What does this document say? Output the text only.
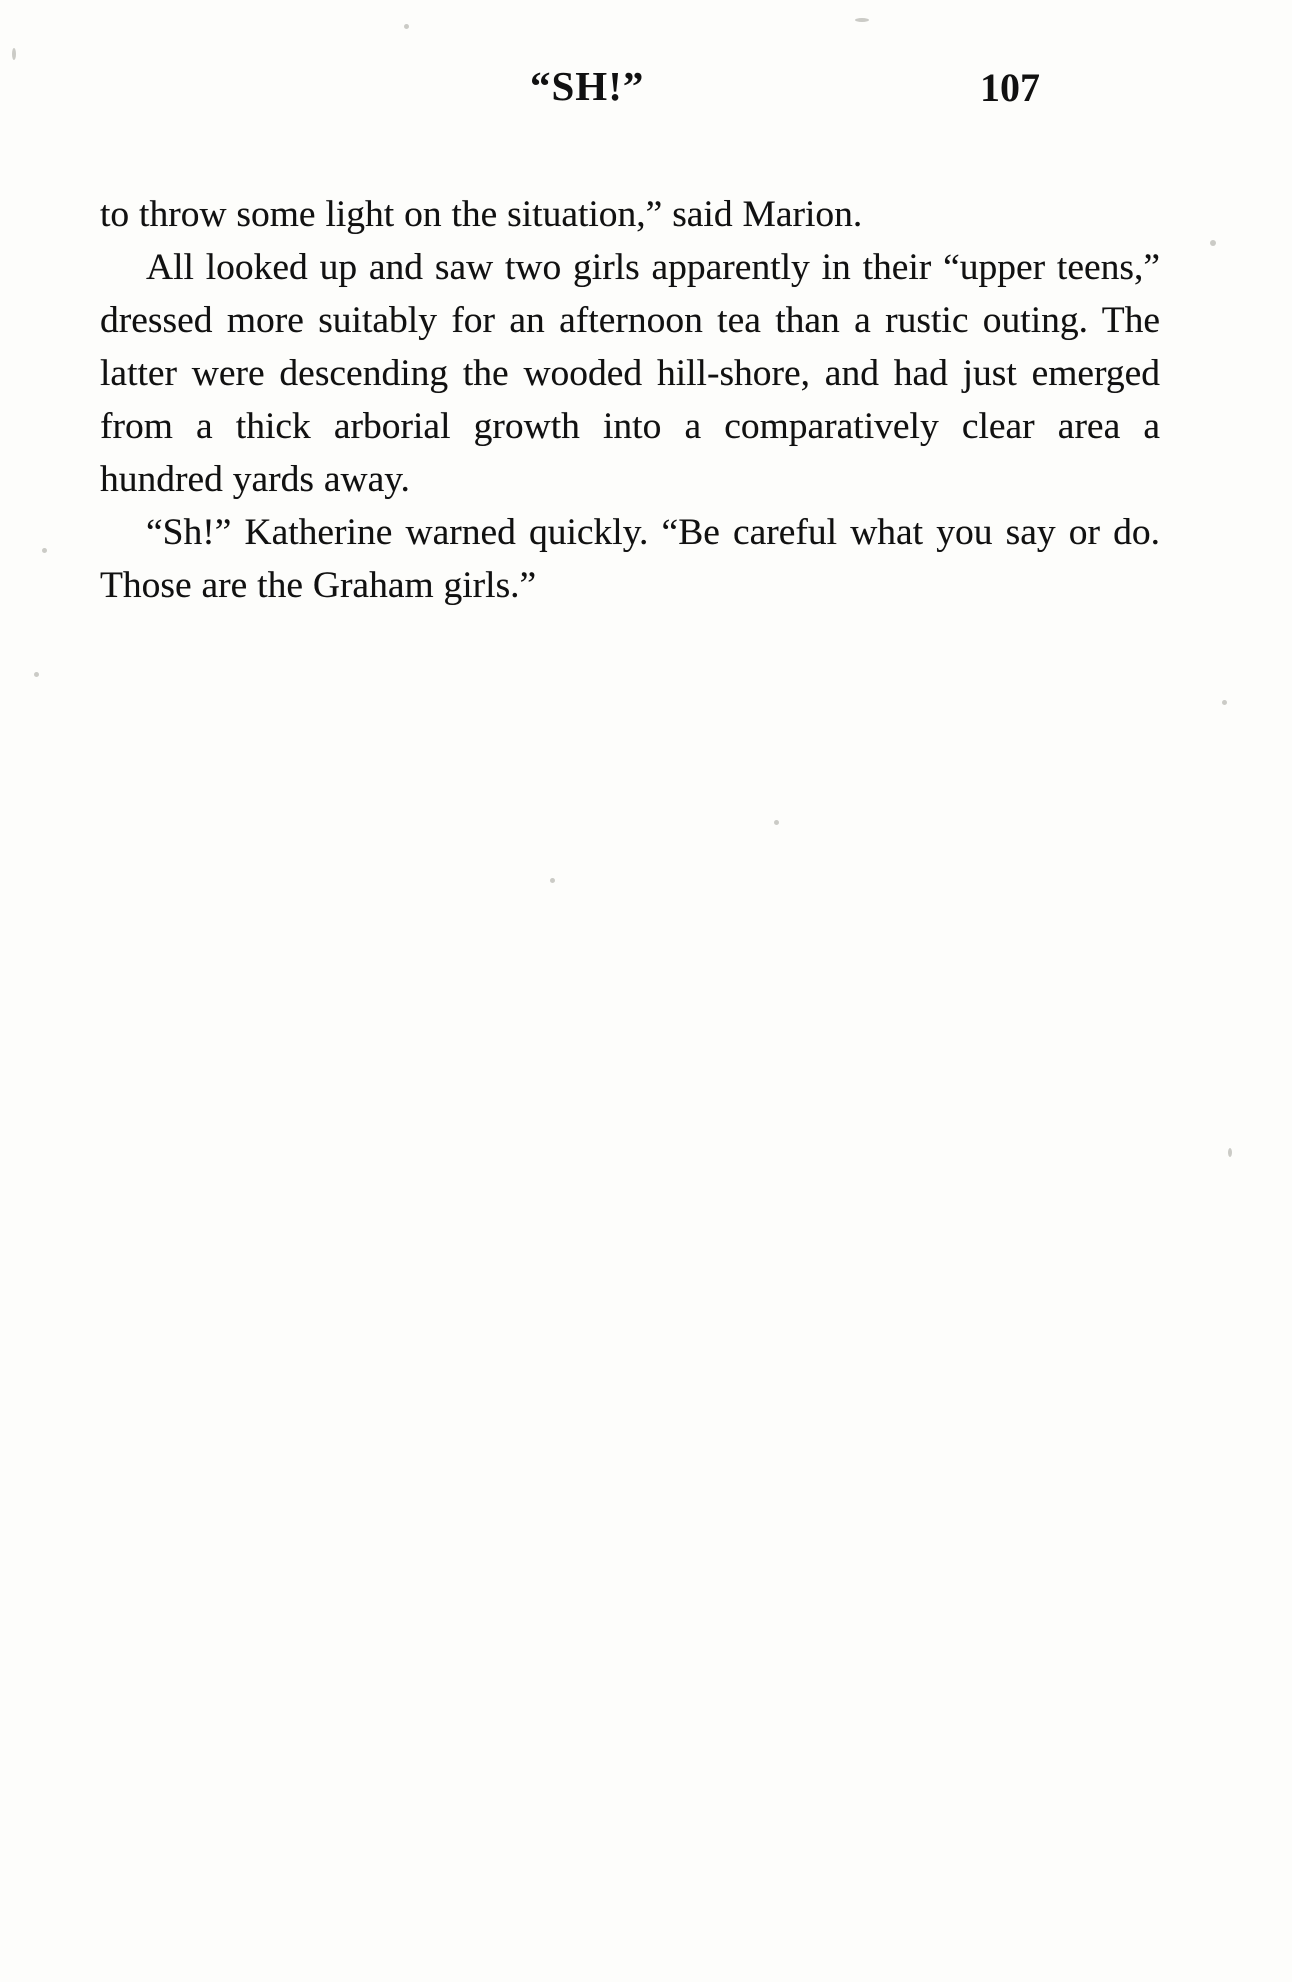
“SH!”	107

to throw some light on the situation,” said Marion.

All looked up and saw two girls apparently in their “upper teens,” dressed more suitably for an afternoon tea than a rustic outing. The latter were descending the wooded hill-shore, and had just emerged from a thick arborial growth into a comparatively clear area a hundred yards away.

“Sh!” Katherine warned quickly. “Be careful what you say or do. Those are the Graham girls.”
